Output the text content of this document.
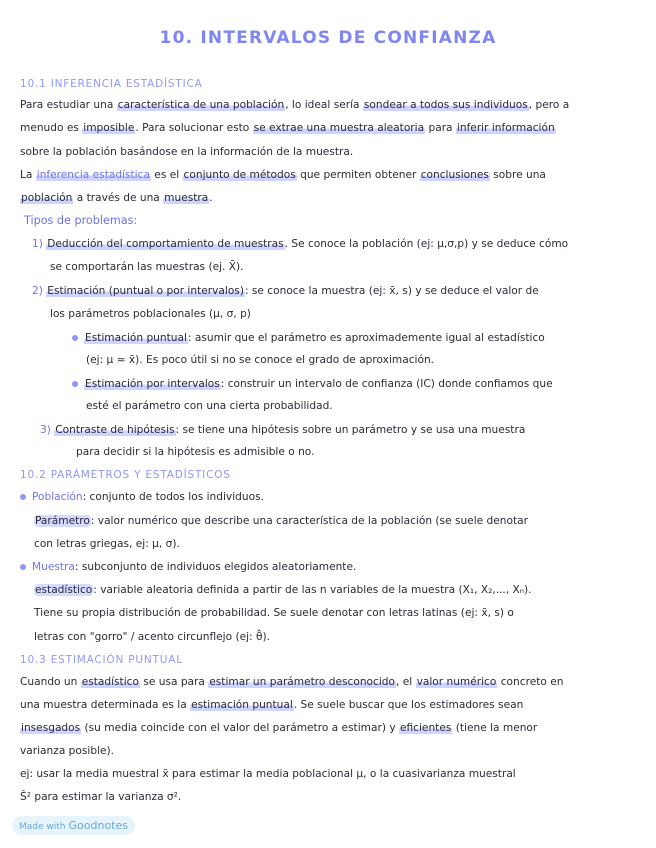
10. INTERVALOS DE CONFIANZA
10.1 INFERENCIA ESTADÍSTICA
Para estudiar una característica de una población, lo ideal sería sondear a todos sus individuos, pero a
menudo es imposible. Para solucionar esto se extrae una muestra aleatoria para inferir información
sobre la población basándose en la información de la muestra.
La inferencia estadística es el conjunto de métodos que permiten obtener conclusiones sobre una
población a través de una muestra.
Tipos de problemas:
1) Deducción del comportamiento de muestras. Se conoce la población (ej: μ,σ,p) y se deduce cómo
se comportarán las muestras (ej. X̄).
2) Estimación (puntual o por intervalos): se conoce la muestra (ej: x̄, s) y se deduce el valor de
los parámetros poblacionales (μ, σ, p)
Estimación puntual: asumir que el parámetro es aproximademente igual al estadístico
(ej: μ ≈ x̄). Es poco útil si no se conoce el grado de aproximación.
Estimación por intervalos: construir un intervalo de confianza (IC) donde confiamos que
esté el parámetro con una cierta probabilidad.
3) Contraste de hipótesis: se tiene una hipótesis sobre un parámetro y se usa una muestra
para decidir si la hipótesis es admisible o no.
10.2 PARÁMETROS Y ESTADÍSTICOS
Población: conjunto de todos los individuos.
Parámetro: valor numérico que describe una característica de la población (se suele denotar
con letras griegas, ej: μ, σ).
Muestra: subconjunto de individuos elegidos aleatoriamente.
estadístico: variable aleatoria definida a partir de las n variables de la muestra (X₁, X₂,..., Xₙ).
Tiene su propia distribución de probabilidad. Se suele denotar con letras latinas (ej: x̄, s) o
letras con "gorro" / acento circunflejo (ej: θ̂).
10.3 ESTIMACIÓN PUNTUAL
Cuando un estadístico se usa para estimar un parámetro desconocido, el valor numérico concreto en
una muestra determinada es la estimación puntual. Se suele buscar que los estimadores sean
insesgados (su media coincide con el valor del parámetro a estimar) y eficientes (tiene la menor
varianza posible).
ej: usar la media muestral x̄ para estimar la media poblacional μ, o la cuasivarianza muestral
Ŝ² para estimar la varianza σ².
Made with Goodnotes
